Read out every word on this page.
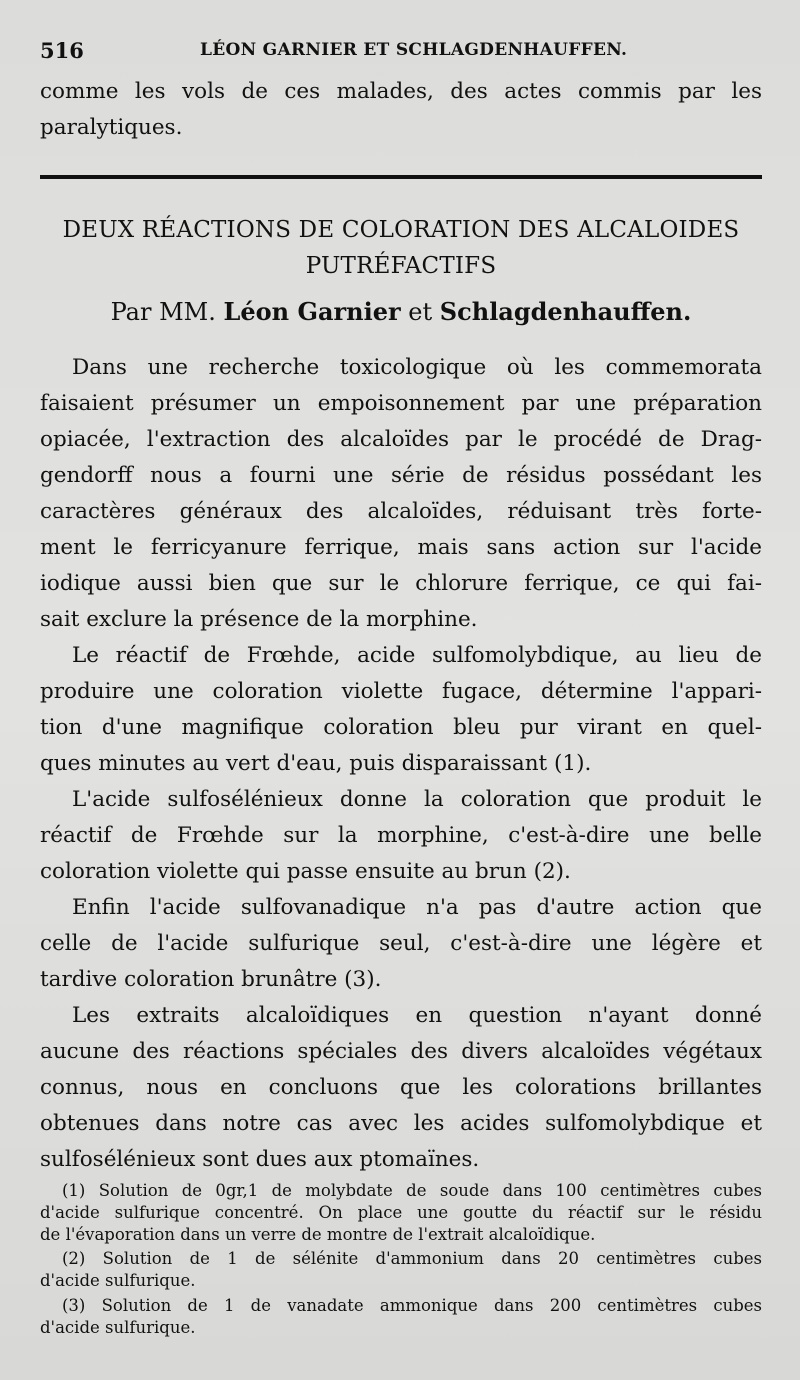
516	LÉON GARNIER ET SCHLAGDENHAUFFEN.
comme les vols de ces malades, des actes commis par les
paralytiques.
DEUX RÉACTIONS DE COLORATION DES ALCALOIDES
PUTRÉFACTIFS
Par MM. Léon Garnier et Schlagdenhauffen.
Dans une recherche toxicologique où les commemorata
faisaient présumer un empoisonnement par une préparation
opiacée, l'extraction des alcaloïdes par le procédé de Drag-
gendorff nous a fourni une série de résidus possédant les
caractères généraux des alcaloïdes, réduisant très forte-
ment le ferricyanure ferrique, mais sans action sur l'acide
iodique aussi bien que sur le chlorure ferrique, ce qui fai-
sait exclure la présence de la morphine.
Le réactif de Frœhde, acide sulfomolybdique, au lieu de
produire une coloration violette fugace, détermine l'appari-
tion d'une magnifique coloration bleu pur virant en quel-
ques minutes au vert d'eau, puis disparaissant (1).
L'acide sulfosélénieux donne la coloration que produit le
réactif de Frœhde sur la morphine, c'est-à-dire une belle
coloration violette qui passe ensuite au brun (2).
Enfin l'acide sulfovanadique n'a pas d'autre action que
celle de l'acide sulfurique seul, c'est-à-dire une légère et
tardive coloration brunâtre (3).
Les extraits alcaloïdiques en question n'ayant donné
aucune des réactions spéciales des divers alcaloïdes végétaux
connus, nous en concluons que les colorations brillantes
obtenues dans notre cas avec les acides sulfomolybdique et
sulfosélénieux sont dues aux ptomaïnes.
(1) Solution de 0gr,1 de molybdate de soude dans 100 centimètres cubes
d'acide sulfurique concentré. On place une goutte du réactif sur le résidu
de l'évaporation dans un verre de montre de l'extrait alcaloïdique.
(2) Solution de 1 de sélénite d'ammonium dans 20 centimètres cubes
d'acide sulfurique.
(3) Solution de 1 de vanadate ammonique dans 200 centimètres cubes
d'acide sulfurique.
